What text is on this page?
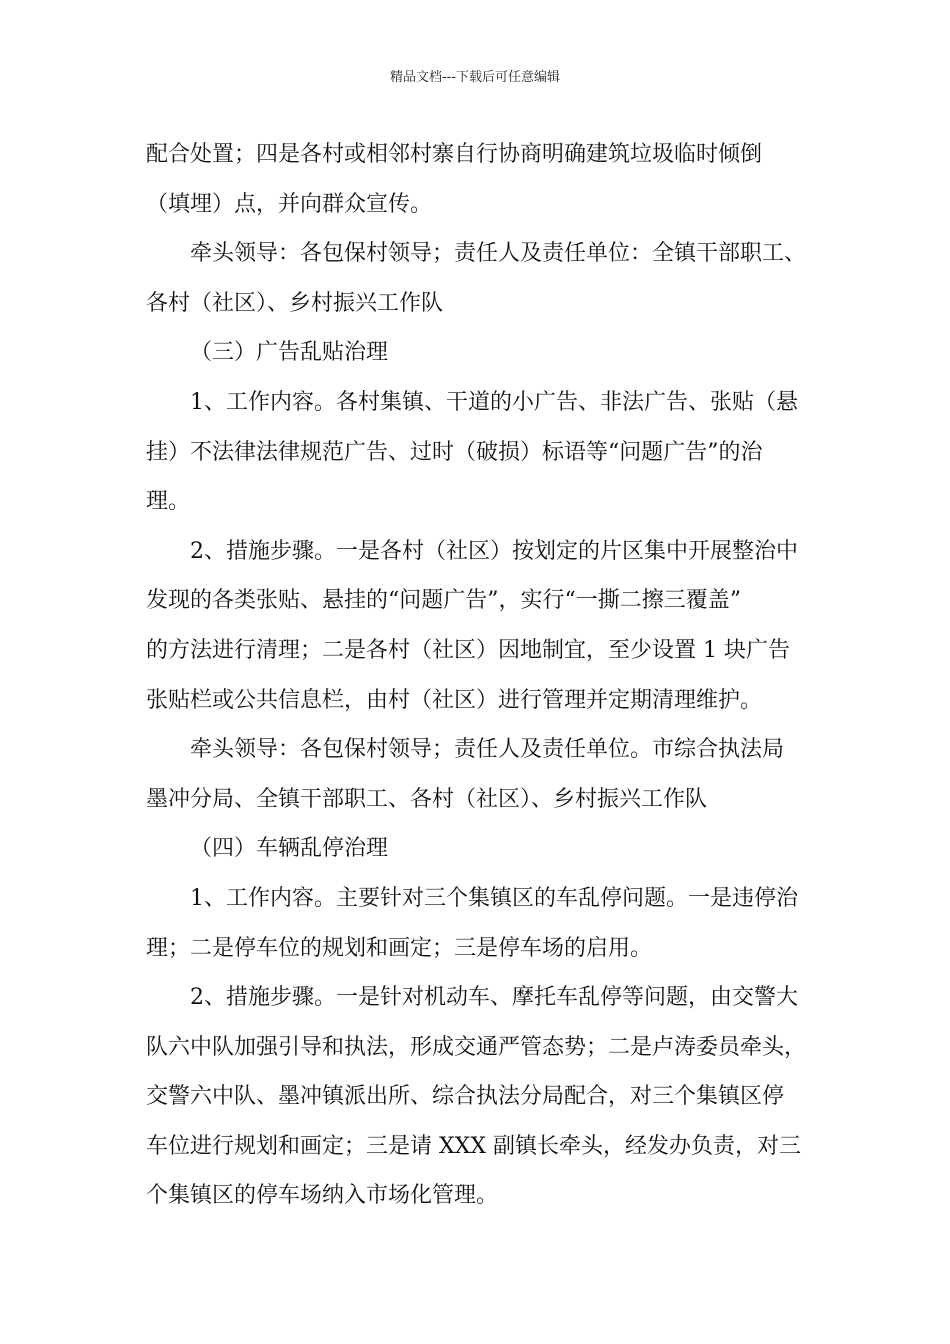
精品文档---下载后可任意编辑
配合处置；四是各村或相邻村寨自行协商明确建筑垃圾临时倾倒
（填埋）点，并向群众宣传。
牵头领导：各包保村领导；责任人及责任单位：全镇干部职工、
各村（社区）、乡村振兴工作队
（三）广告乱贴治理
1、工作内容。各村集镇、干道的小广告、非法广告、张贴（悬
挂）不法律法律规范广告、过时（破损）标语等“问题广告”的治
理。
2、措施步骤。一是各村（社区）按划定的片区集中开展整治中
发现的各类张贴、悬挂的“问题广告”，实行“一撕二擦三覆盖”
的方法进行清理；二是各村（社区）因地制宜，至少设置 1 块广告
张贴栏或公共信息栏，由村（社区）进行管理并定期清理维护。
牵头领导：各包保村领导；责任人及责任单位。市综合执法局
墨冲分局、全镇干部职工、各村（社区）、乡村振兴工作队
（四）车辆乱停治理
1、工作内容。主要针对三个集镇区的车乱停问题。一是违停治
理；二是停车位的规划和画定；三是停车场的启用。
2、措施步骤。一是针对机动车、摩托车乱停等问题，由交警大
队六中队加强引导和执法，形成交通严管态势；二是卢涛委员牵头，
交警六中队、墨冲镇派出所、综合执法分局配合，对三个集镇区停
车位进行规划和画定；三是请 XXX 副镇长牵头，经发办负责，对三
个集镇区的停车场纳入市场化管理。
